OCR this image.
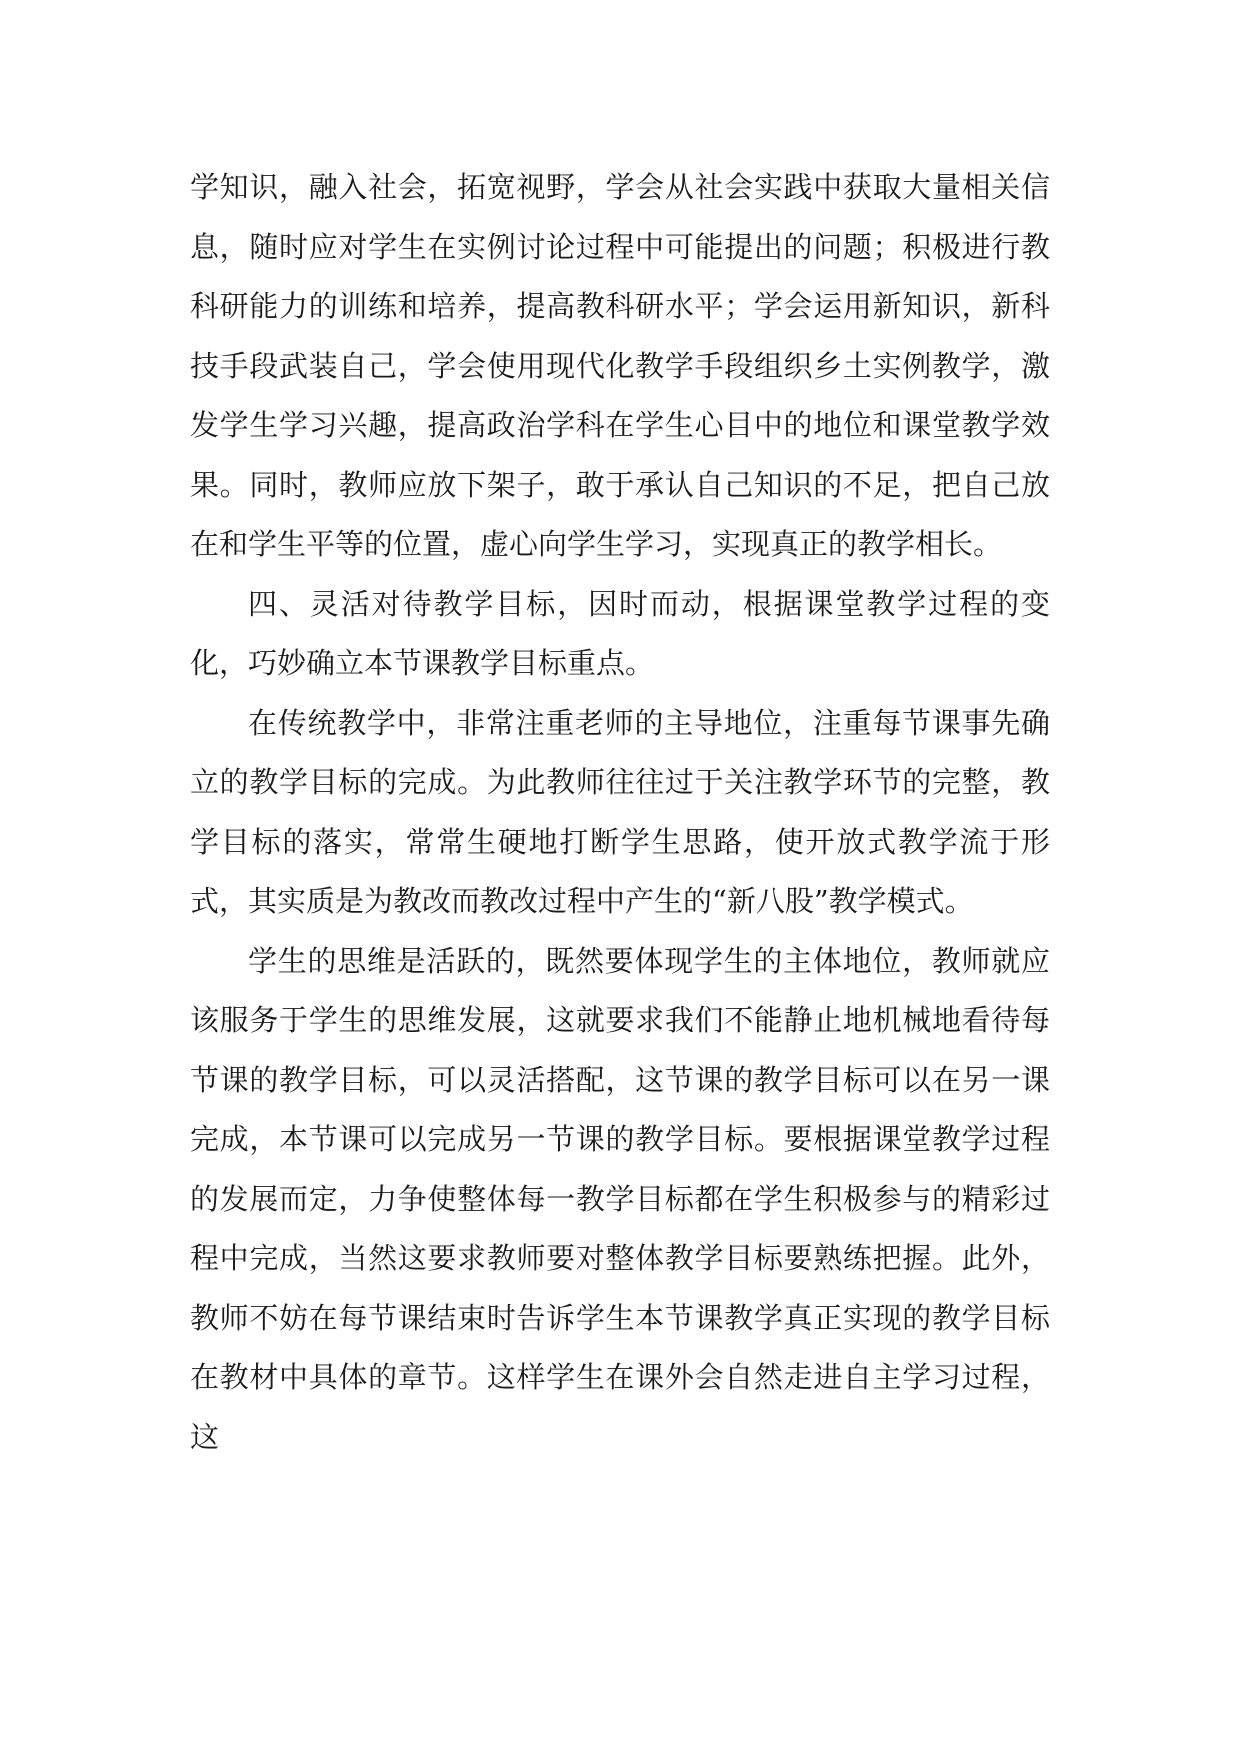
学知识，融入社会，拓宽视野，学会从社会实践中获取大量相关信息，随时应对学生在实例讨论过程中可能提出的问题；积极进行教科研能力的训练和培养，提高教科研水平；学会运用新知识，新科技手段武装自己，学会使用现代化教学手段组织乡土实例教学，激发学生学习兴趣，提高政治学科在学生心目中的地位和课堂教学效果。同时，教师应放下架子，敢于承认自己知识的不足，把自己放在和学生平等的位置，虚心向学生学习，实现真正的教学相长。

四、灵活对待教学目标，因时而动，根据课堂教学过程的变化，巧妙确立本节课教学目标重点。

在传统教学中，非常注重老师的主导地位，注重每节课事先确立的教学目标的完成。为此教师往往过于关注教学环节的完整，教学目标的落实，常常生硬地打断学生思路，使开放式教学流于形式，其实质是为教改而教改过程中产生的“新八股”教学模式。

学生的思维是活跃的，既然要体现学生的主体地位，教师就应该服务于学生的思维发展，这就要求我们不能静止地机械地看待每节课的教学目标，可以灵活搭配，这节课的教学目标可以在另一课完成，本节课可以完成另一节课的教学目标。要根据课堂教学过程的发展而定，力争使整体每一教学目标都在学生积极参与的精彩过程中完成，当然这要求教师要对整体教学目标要熟练把握。此外，教师不妨在每节课结束时告诉学生本节课教学真正实现的教学目标在教材中具体的章节。这样学生在课外会自然走进自主学习过程，这
